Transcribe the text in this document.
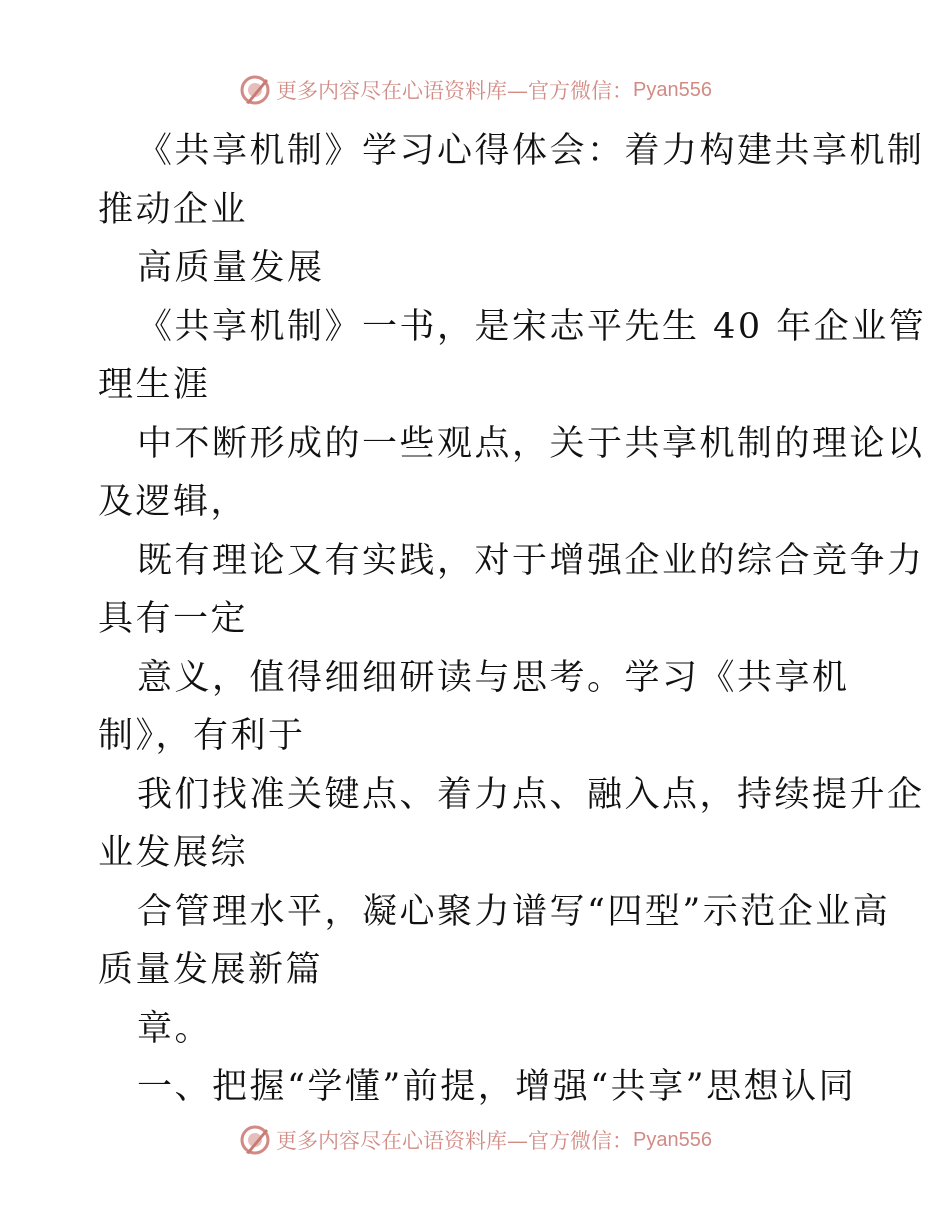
更多内容尽在心语资料库—官方微信： Pyan556

《共享机制》学习心得体会：着力构建共享机制

推动企业

高质量发展

《共享机制》一书，是宋志平先生 40 年企业管

理生涯

中不断形成的一些观点，关于共享机制的理论以

及逻辑，

既有理论又有实践，对于增强企业的综合竞争力

具有一定

意义，值得细细研读与思考。学习《共享机

制》，有利于

我们找准关键点、着力点、融入点，持续提升企

业发展综

合管理水平，凝心聚力谱写“四型”示范企业高

质量发展新篇

章。

一、把握“学懂”前提，增强“共享”思想认同

更多内容尽在心语资料库—官方微信： Pyan556
